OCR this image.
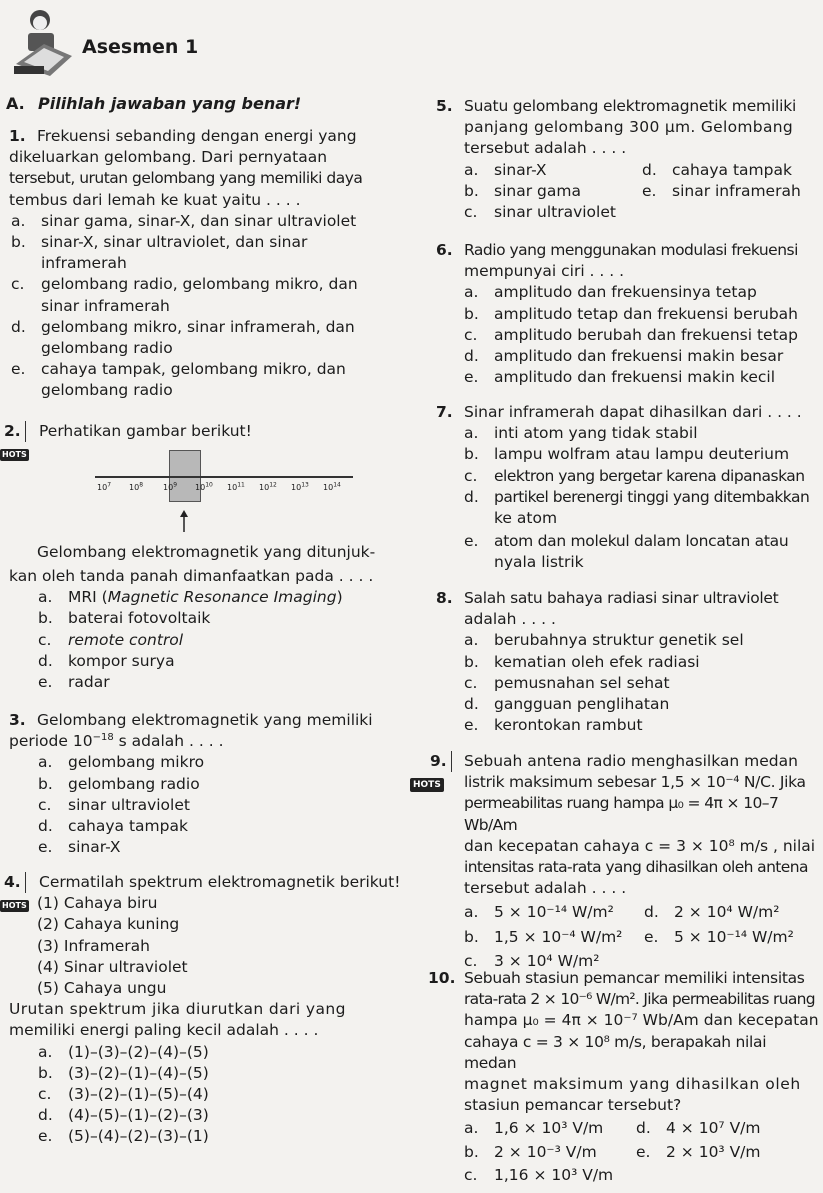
Asesmen 1
A. Pilihlah jawaban yang benar!
1. Frekuensi sebanding dengan energi yang
dikeluarkan gelombang. Dari pernyataan
tersebut, urutan gelombang yang memiliki daya
tembus dari lemah ke kuat yaitu . . . .
a.	sinar gama, sinar-X, dan sinar ultraviolet
b. sinar-X, sinar ultraviolet, dan sinar
inframerah
c.	gelombang radio, gelombang mikro, dan
sinar inframerah
d. gelombang mikro, sinar inframerah, dan
gelombang radio
e.	cahaya tampak, gelombang mikro, dan
gelombang radio
2.	Perhatikan gambar berikut!
HOTS
$10^7$ $10^8$ $10^9$ $10^{10}$ $10^{11}$ $10^{12}$ $10^{13}$ $10^{14}$
Gelombang elektromagnetik yang ditunjuk-
kan oleh tanda panah dimanfaatkan pada . . . .
a.	MRI (Magnetic Resonance Imaging)
b. baterai fotovoltaik
c.	remote control
d. kompor surya
e.	radar
3. Gelombang elektromagnetik yang memiliki
periode $10^{-18}$ s adalah . . . .
a.	gelombang mikro
b. gelombang radio
c.	sinar ultraviolet
d. cahaya tampak
e.	sinar-X
4.	Cermatilah spektrum elektromagnetik berikut!
HOTS (1) Cahaya biru
(2) Cahaya kuning
(3) Inframerah
(4) Sinar ultraviolet
(5) Cahaya ungu
Urutan spektrum jika diurutkan dari yang
memiliki energi paling kecil adalah . . . .
a.	(1)–(3)–(2)–(4)–(5)
b. (3)–(2)–(1)–(4)–(5)
c.	(3)–(2)–(1)–(5)–(4)
d. (4)–(5)–(1)–(2)–(3)
e.	(5)–(4)–(2)–(3)–(1)
5. Suatu gelombang elektromagnetik memiliki
panjang gelombang 300 μm. Gelombang
tersebut adalah . . . .
a.	sinar-X	d. cahaya tampak
b. sinar gama	e.	sinar inframerah
c.	sinar ultraviolet
6. Radio yang menggunakan modulasi frekuensi
mempunyai ciri . . . .
a.	amplitudo dan frekuensinya tetap
b. amplitudo tetap dan frekuensi berubah
c.	amplitudo berubah dan frekuensi tetap
d. amplitudo dan frekuensi makin besar
e.	amplitudo dan frekuensi makin kecil
7. Sinar inframerah dapat dihasilkan dari . . . .
a.	inti atom yang tidak stabil
b. lampu wolfram atau lampu deuterium
c.	elektron yang bergetar karena dipanaskan
d. partikel berenergi tinggi yang ditembakkan
ke atom
e.	atom dan molekul dalam loncatan atau
nyala listrik
8. Salah satu bahaya radiasi sinar ultraviolet
adalah . . . .
a.	berubahnya struktur genetik sel
b. kematian oleh efek radiasi
c.	pemusnahan sel sehat
d. gangguan penglihatan
e.	kerontokan rambut
9.	Sebuah antena radio menghasilkan medan
HOTS	listrik maksimum sebesar 1,5 × 10⁻⁴ N/C. Jika
permeabilitas ruang hampa μ₀ = 4π × 10–7 Wb/Am
dan kecepatan cahaya c = 3 × 10⁸ m/s , nilai
intensitas rata-rata yang dihasilkan oleh antena
tersebut adalah . . . .
a.	5 × 10⁻¹⁴ W/m² d. 2 × 10⁴ W/m²
b. 1,5 × 10⁻⁴ W/m² e.	5 × 10⁻¹⁴ W/m²
c.	3 × 10⁴ W/m²
10. Sebuah stasiun pemancar memiliki intensitas
rata-rata 2 × 10⁻⁶ W/m². Jika permeabilitas ruang
hampa μ₀ = 4π × 10⁻⁷ Wb/Am dan kecepatan
cahaya c = 3 × 10⁸ m/s, berapakah nilai medan
magnet maksimum yang dihasilkan oleh
stasiun pemancar tersebut?
a.	1,6 × 10³ V/m d. 4 × 10⁷ V/m
b. 2 × 10⁻³ V/m	e.	2 × 10³ V/m
c.	1,16 × 10³ V/m
